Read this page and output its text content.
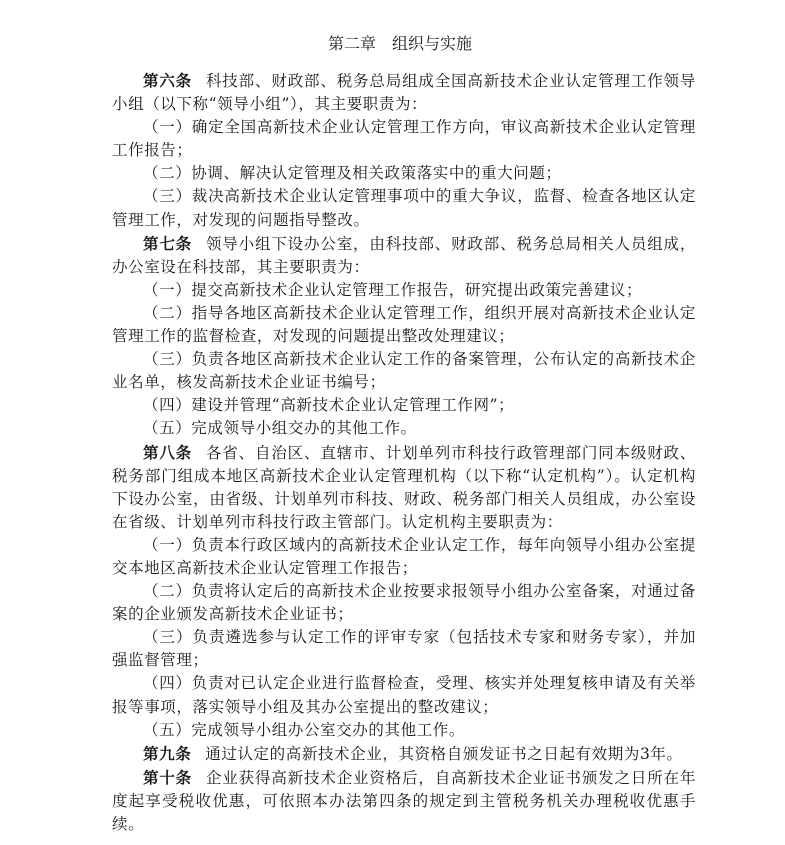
第二章　组织与实施

第六条 科技部、财政部、税务总局组成全国高新技术企业认定管理工作领导小组（以下称“领导小组”），其主要职责为：

（一）确定全国高新技术企业认定管理工作方向，审议高新技术企业认定管理工作报告；

（二）协调、解决认定管理及相关政策落实中的重大问题；

（三）裁决高新技术企业认定管理事项中的重大争议，监督、检查各地区认定管理工作，对发现的问题指导整改。

第七条 领导小组下设办公室，由科技部、财政部、税务总局相关人员组成，办公室设在科技部，其主要职责为：

（一）提交高新技术企业认定管理工作报告，研究提出政策完善建议；

（二）指导各地区高新技术企业认定管理工作，组织开展对高新技术企业认定管理工作的监督检查，对发现的问题提出整改处理建议；

（三）负责各地区高新技术企业认定工作的备案管理，公布认定的高新技术企业名单，核发高新技术企业证书编号；

（四）建设并管理“高新技术企业认定管理工作网”；

（五）完成领导小组交办的其他工作。

第八条 各省、自治区、直辖市、计划单列市科技行政管理部门同本级财政、税务部门组成本地区高新技术企业认定管理机构（以下称“认定机构”）。认定机构下设办公室，由省级、计划单列市科技、财政、税务部门相关人员组成，办公室设在省级、计划单列市科技行政主管部门。认定机构主要职责为：

（一）负责本行政区域内的高新技术企业认定工作，每年向领导小组办公室提交本地区高新技术企业认定管理工作报告；

（二）负责将认定后的高新技术企业按要求报领导小组办公室备案，对通过备案的企业颁发高新技术企业证书；

（三）负责遴选参与认定工作的评审专家（包括技术专家和财务专家），并加强监督管理；

（四）负责对已认定企业进行监督检查，受理、核实并处理复核申请及有关举报等事项，落实领导小组及其办公室提出的整改建议；

（五）完成领导小组办公室交办的其他工作。

第九条 通过认定的高新技术企业，其资格自颁发证书之日起有效期为3年。

第十条 企业获得高新技术企业资格后，自高新技术企业证书颁发之日所在年度起享受税收优惠，可依照本办法第四条的规定到主管税务机关办理税收优惠手续。
